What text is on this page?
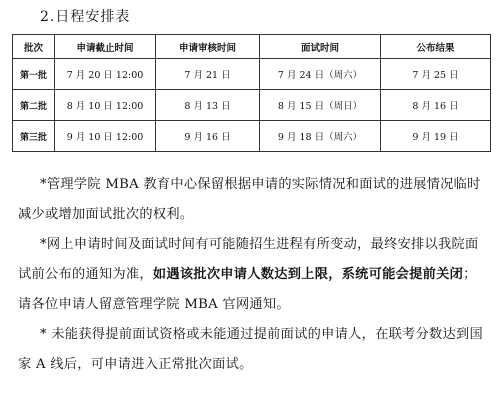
2.日程安排表
批次	申请截止时间	申请审核时间	面试时间	公布结果
第一批	7 月 20 日 12:00	7 月 21 日	7 月 24 日（周六）	7 月 25 日
第二批	8 月 10 日 12:00	8 月 13 日	8 月 15 日（周日）	8 月 16 日
第三批	9 月 10 日 12:00	9 月 16 日	9 月 18 日（周六）	9 月 19 日

*管理学院 MBA 教育中心保留根据申请的实际情况和面试的进展情况临时减少或增加面试批次的权利。

*网上申请时间及面试时间有可能随招生进程有所变动，最终安排以我院面试前公布的通知为准，如遇该批次申请人数达到上限，系统可能会提前关闭；请各位申请人留意管理学院 MBA 官网通知。

* 未能获得提前面试资格或未能通过提前面试的申请人，在联考分数达到国家 A 线后，可申请进入正常批次面试。
